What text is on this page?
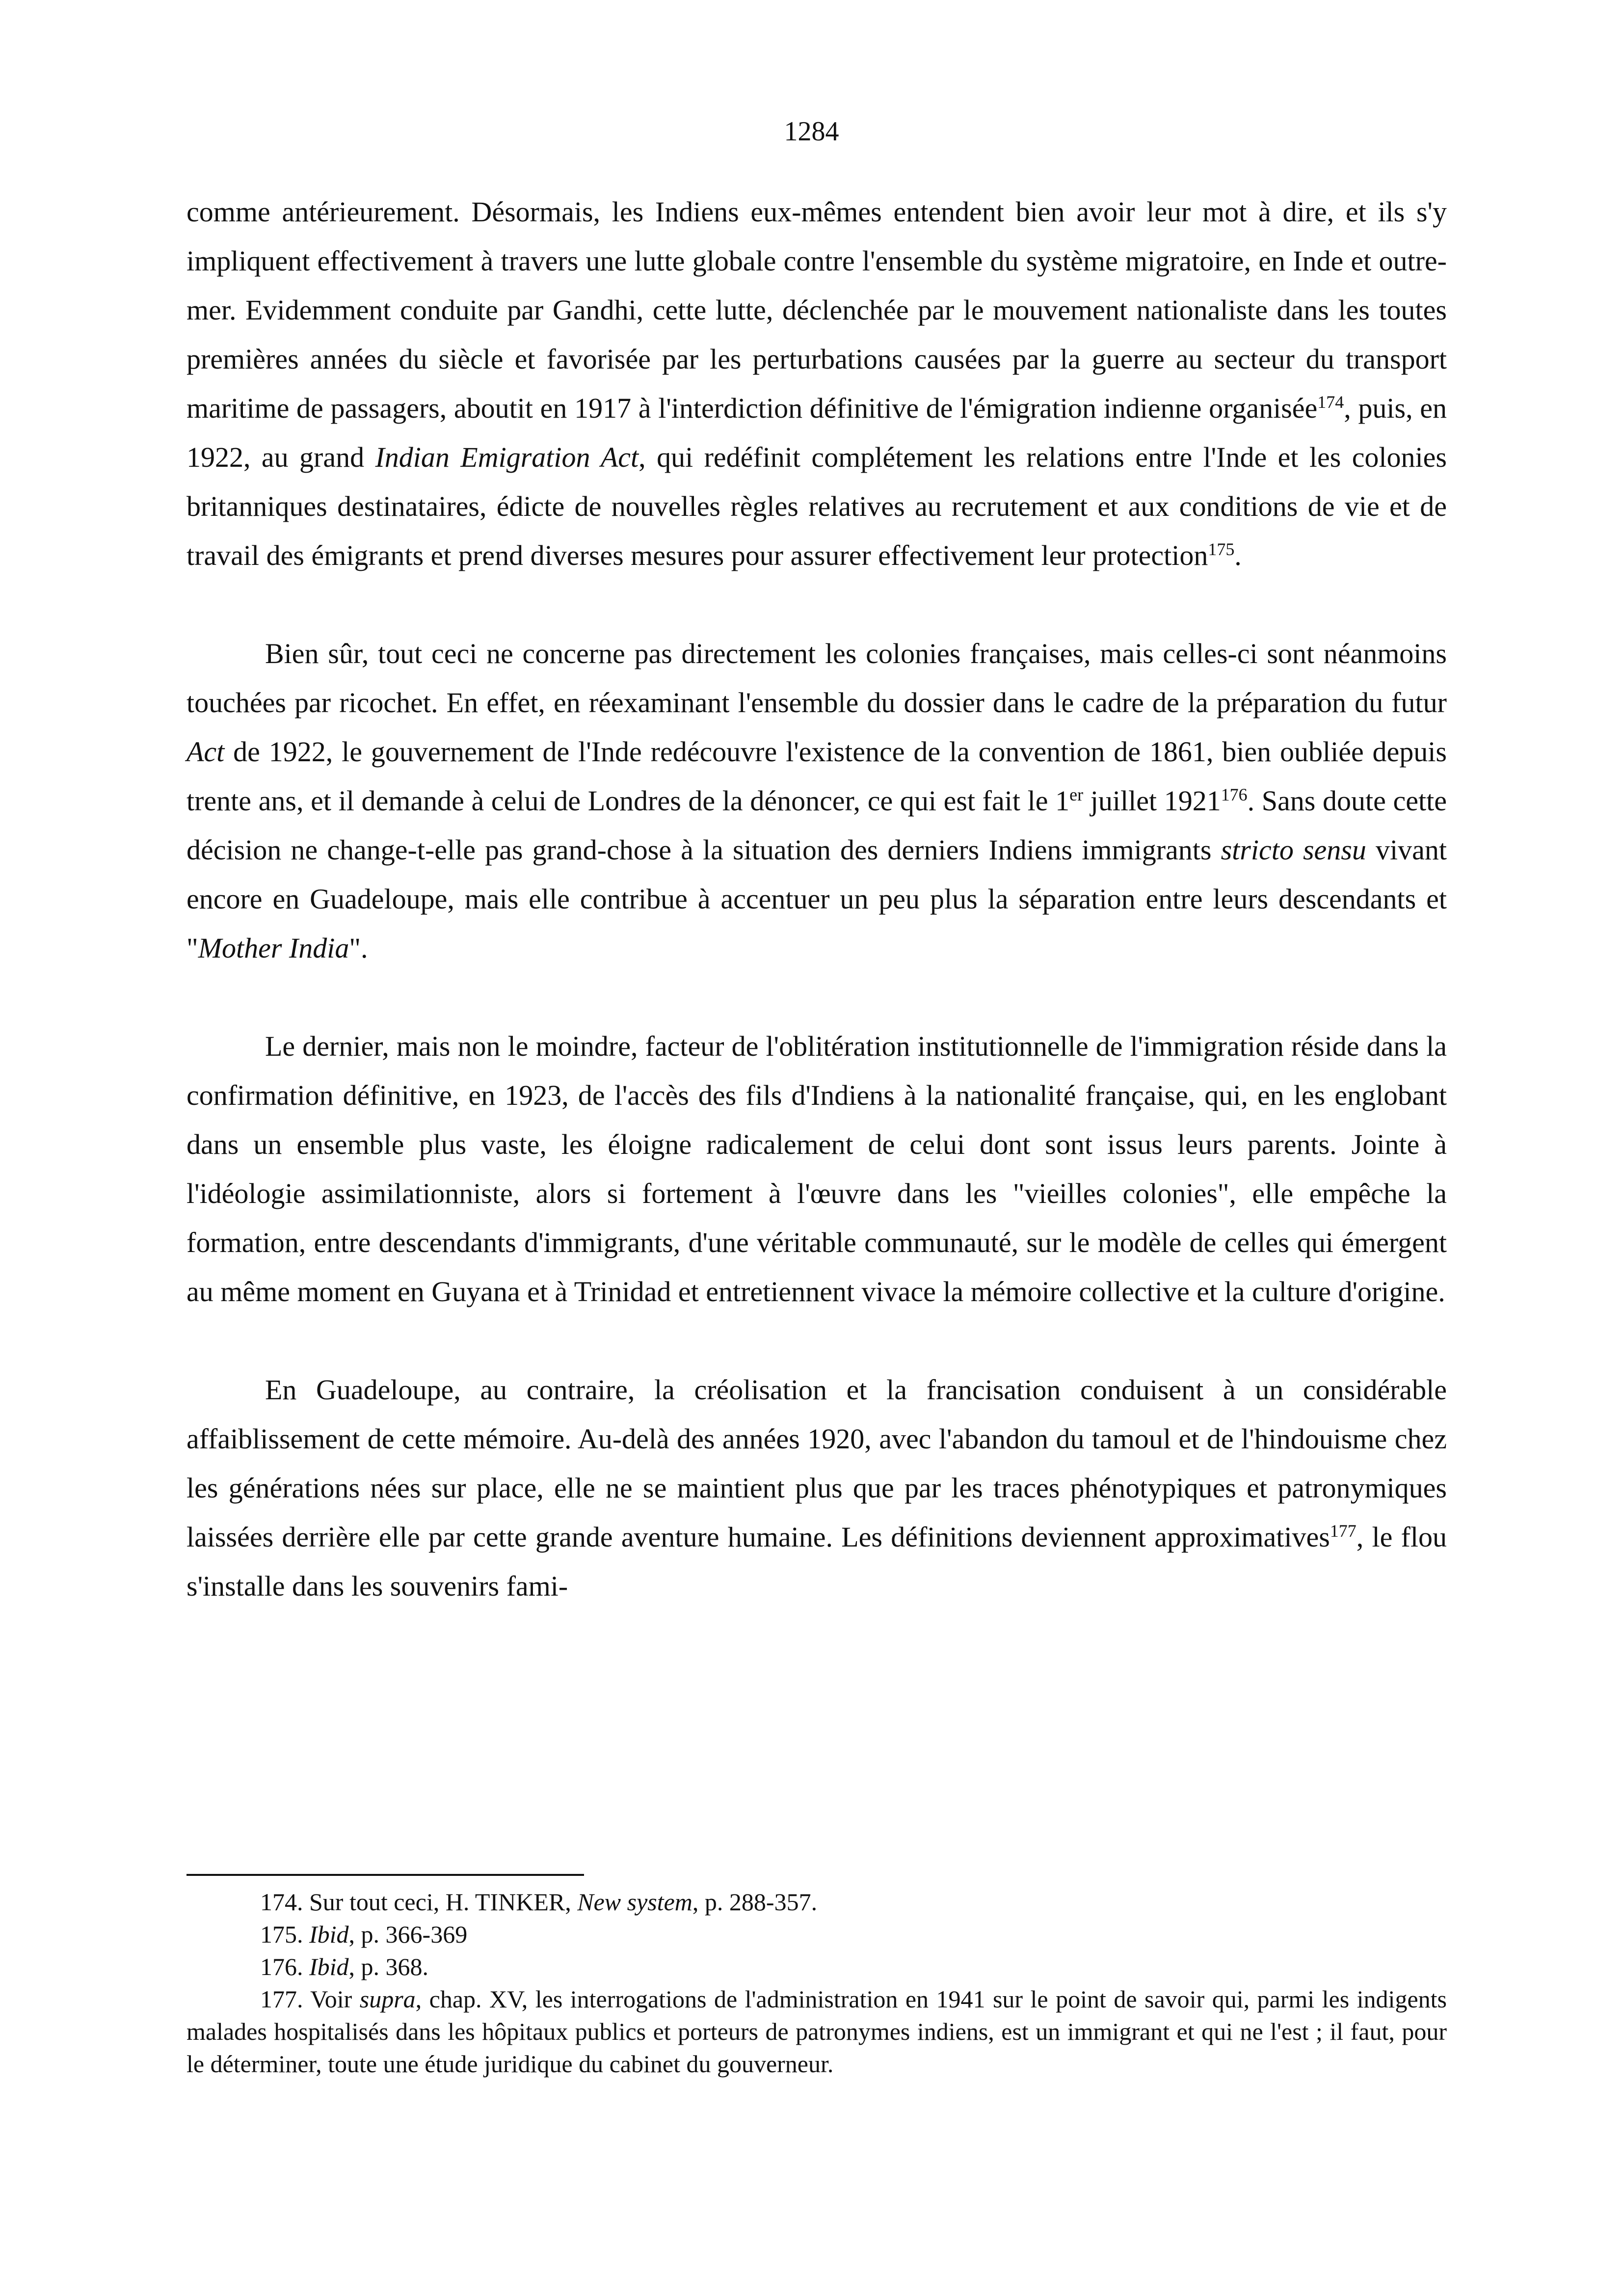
1284

comme antérieurement. Désormais, les Indiens eux-mêmes entendent bien avoir leur mot à dire, et ils s'y impliquent effectivement à travers une lutte globale contre l'ensemble du système migratoire, en Inde et outre-mer. Evidemment conduite par Gandhi, cette lutte, déclenchée par le mouvement nationaliste dans les toutes premières années du siècle et favorisée par les perturbations causées par la guerre au secteur du transport maritime de passagers, aboutit en 1917 à l'interdiction définitive de l'émigration indienne organisée$^{174}$, puis, en 1922, au grand Indian Emigration Act, qui redéfinit complétement les relations entre l'Inde et les colonies britanniques destinataires, édicte de nouvelles règles relatives au recrutement et aux conditions de vie et de travail des émigrants et prend diverses mesures pour assurer effectivement leur protection$^{175}$.

Bien sûr, tout ceci ne concerne pas directement les colonies françaises, mais celles-ci sont néanmoins touchées par ricochet. En effet, en réexaminant l'ensemble du dossier dans le cadre de la préparation du futur Act de 1922, le gouvernement de l'Inde redécouvre l'existence de la convention de 1861, bien oubliée depuis trente ans, et il demande à celui de Londres de la dénoncer, ce qui est fait le 1er juillet 1921$^{176}$. Sans doute cette décision ne change-t-elle pas grand-chose à la situation des derniers Indiens immigrants stricto sensu vivant encore en Guadeloupe, mais elle contribue à accentuer un peu plus la séparation entre leurs descendants et "Mother India".

Le dernier, mais non le moindre, facteur de l'oblitération institutionnelle de l'immigration réside dans la confirmation définitive, en 1923, de l'accès des fils d'Indiens à la nationalité française, qui, en les englobant dans un ensemble plus vaste, les éloigne radicalement de celui dont sont issus leurs parents. Jointe à l'idéologie assimilationniste, alors si fortement à l'œuvre dans les "vieilles colonies", elle empêche la formation, entre descendants d'immigrants, d'une véritable communauté, sur le modèle de celles qui émergent au même moment en Guyana et à Trinidad et entretiennent vivace la mémoire collective et la culture d'origine.

En Guadeloupe, au contraire, la créolisation et la francisation conduisent à un considérable affaiblissement de cette mémoire. Au-delà des années 1920, avec l'abandon du tamoul et de l'hindouisme chez les générations nées sur place, elle ne se maintient plus que par les traces phénotypiques et patronymiques laissées derrière elle par cette grande aventure humaine. Les définitions deviennent approximatives$^{177}$, le flou s'installe dans les souvenirs fami-

174. Sur tout ceci, H. TINKER, New system, p. 288-357.

175. Ibid, p. 366-369

176. Ibid, p. 368.

177. Voir supra, chap. XV, les interrogations de l'administration en 1941 sur le point de savoir qui, parmi les indigents malades hospitalisés dans les hôpitaux publics et porteurs de patronymes indiens, est un immigrant et qui ne l'est ; il faut, pour le déterminer, toute une étude juridique du cabinet du gouverneur.
